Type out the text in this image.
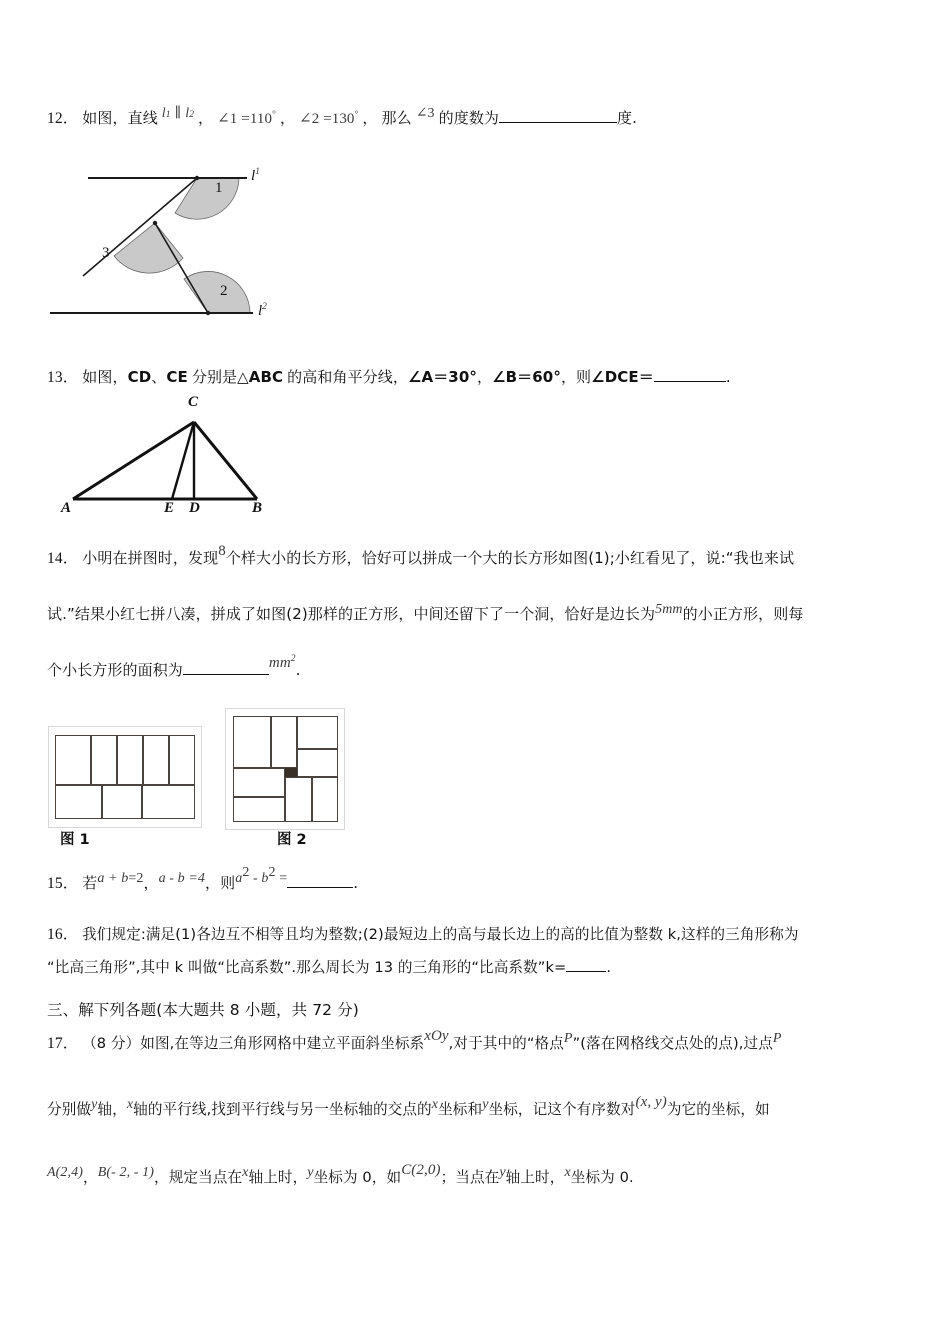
12． 如图，直线 $l^1$ ∥ $l^2$ ， ∠1 =110° ， ∠2 =130° ， 那么 ∠3 的度数为	度.
1
3
2
$l^1$
$l^2$
13． 如图，CD、CE 分别是△ABC 的高和角平分线，∠A＝30°，∠B＝60°，则∠DCE＝	.
C
A	E D	B
14． 小明在拼图时，发现8个样大小的长方形，恰好可以拼成一个大的长方形如图(1);小红看见了，说:“我也来试
试.”结果小红七拼八凑，拼成了如图(2)那样的正方形，中间还留下了一个洞，恰好是边长为5mm的小正方形，则每
个小长方形的面积为	$mm^2$.
图 1	图 2
15． 若a + b=2，a - b =4，则a2 - b2 =	.
16． 我们规定:满足(1)各边互不相等且均为整数;(2)最短边上的高与最长边上的高的比值为整数 k,这样的三角形称为
“比高三角形”,其中 k 叫做“比高系数”.那么周长为 13 的三角形的“比高系数”k=	.
三、解下列各题(本大题共 8 小题，共 72 分)
17． （8 分）如图,在等边三角形网格中建立平面斜坐标系xOy,对于其中的“格点P”(落在网格线交点处的点),过点P
分别做y轴，x轴的平行线,找到平行线与另一坐标轴的交点的x坐标和y坐标，记这个有序数对(x, y)为它的坐标，如
A(2,4)，B(- 2, - 1)，规定当点在x轴上时，y坐标为 0，如C(2,0)；当点在y轴上时，x坐标为 0.
